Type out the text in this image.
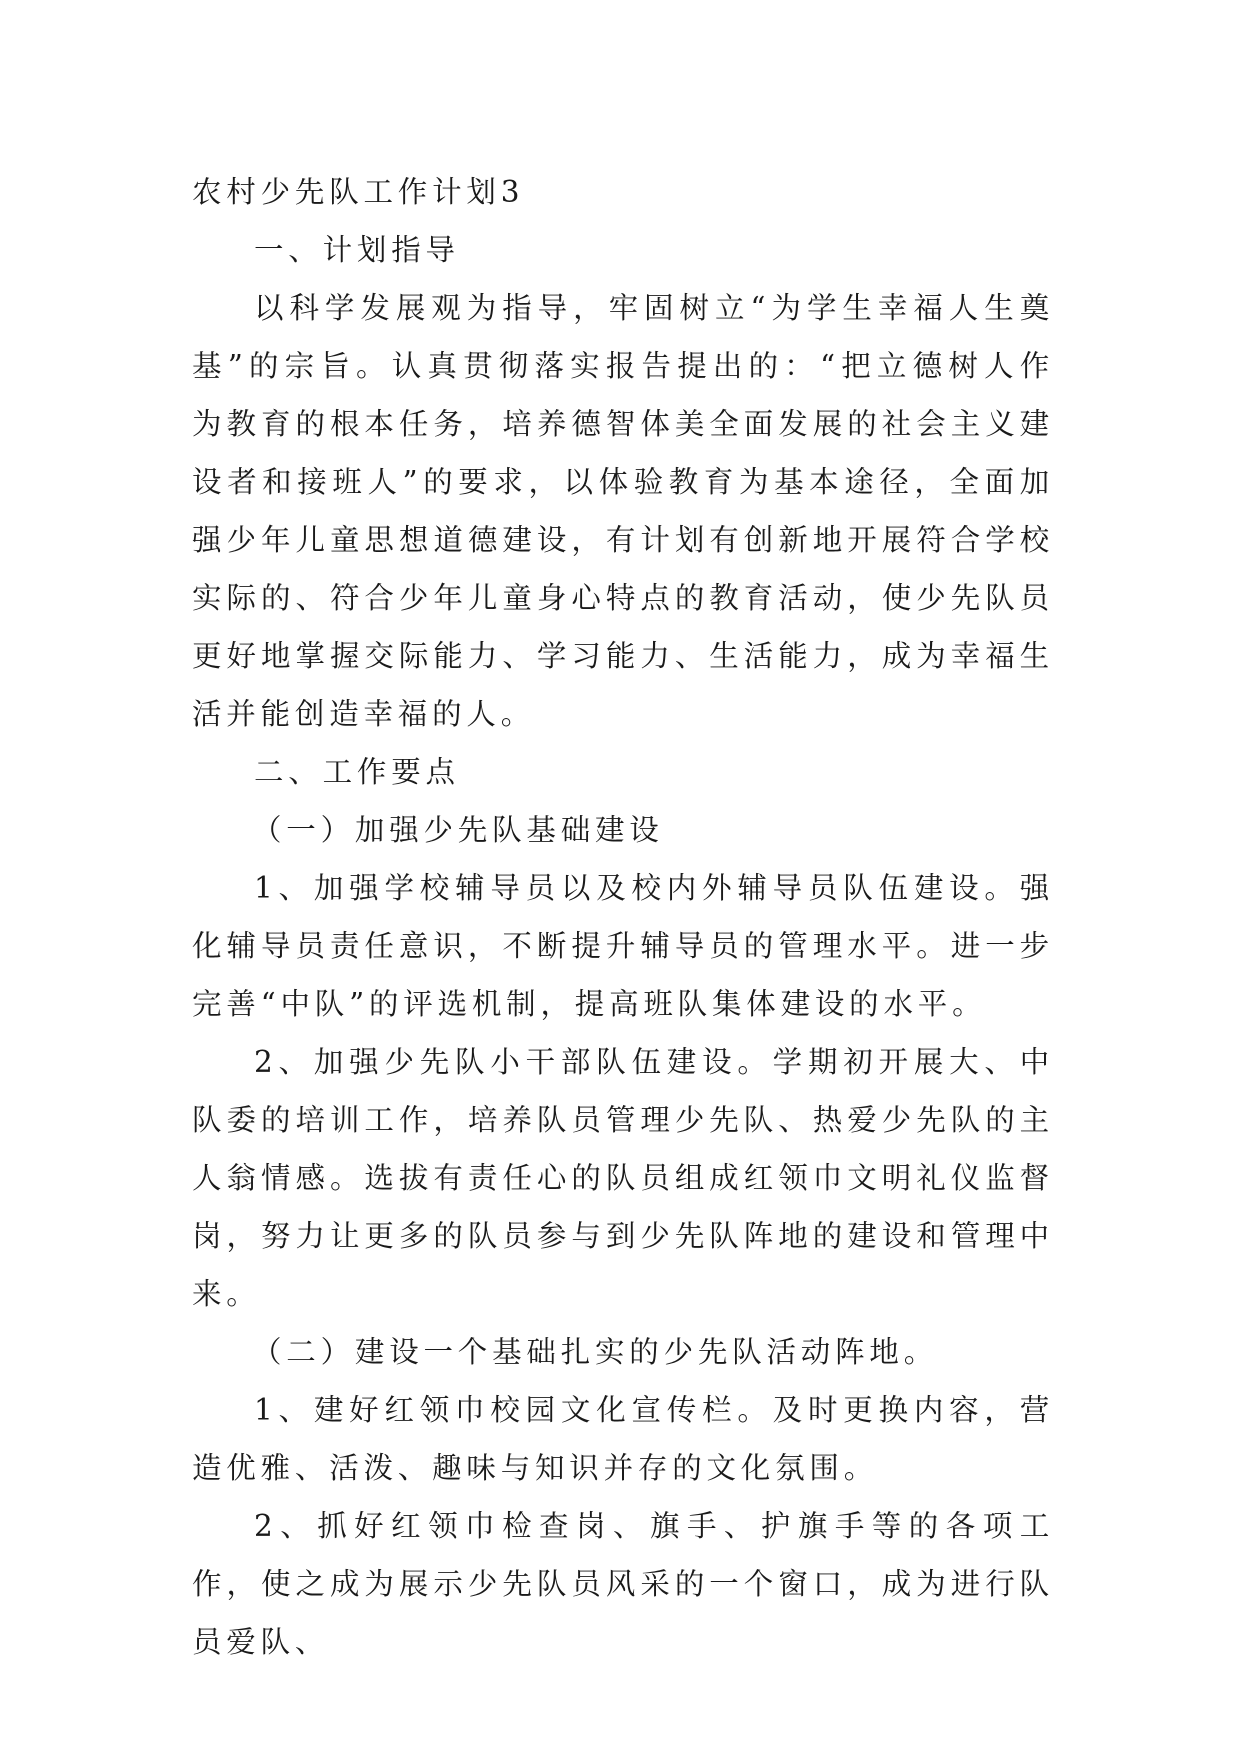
农村少先队工作计划3

一、计划指导

以科学发展观为指导，牢固树立“为学生幸福人生奠基”的宗旨。认真贯彻落实报告提出的：“把立德树人作为教育的根本任务，培养德智体美全面发展的社会主义建设者和接班人”的要求，以体验教育为基本途径，全面加强少年儿童思想道德建设，有计划有创新地开展符合学校实际的、符合少年儿童身心特点的教育活动，使少先队员更好地掌握交际能力、学习能力、生活能力，成为幸福生活并能创造幸福的人。

二、工作要点

（一）加强少先队基础建设

1、加强学校辅导员以及校内外辅导员队伍建设。强化辅导员责任意识，不断提升辅导员的管理水平。进一步完善“中队”的评选机制，提高班队集体建设的水平。

2、加强少先队小干部队伍建设。学期初开展大、中队委的培训工作，培养队员管理少先队、热爱少先队的主人翁情感。选拔有责任心的队员组成红领巾文明礼仪监督岗，努力让更多的队员参与到少先队阵地的建设和管理中来。

（二）建设一个基础扎实的少先队活动阵地。

1、建好红领巾校园文化宣传栏。及时更换内容，营造优雅、活泼、趣味与知识并存的文化氛围。

2、抓好红领巾检查岗、旗手、护旗手等的各项工作，使之成为展示少先队员风采的一个窗口，成为进行队员爱队、
